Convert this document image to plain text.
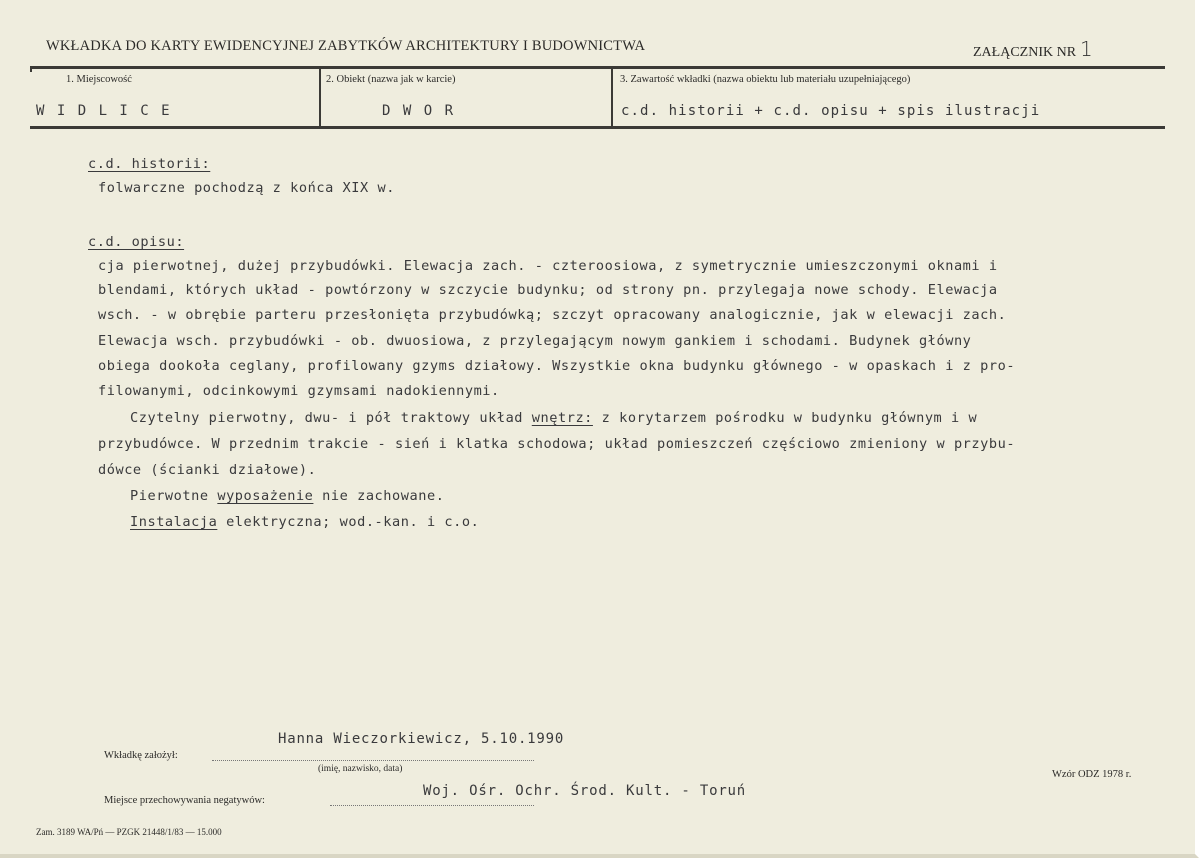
WKŁADKA DO KARTY EWIDENCYJNEJ ZABYTKÓW ARCHITEKTURY I BUDOWNICTWA	ZAŁĄCZNIK NR 1
1. Miejscowość	2. Obiekt (nazwa jak w karcie)	3. Zawartość wkładki (nazwa obiektu lub materiału uzupełniającego)
W I D L I C E	D W O R	c.d. historii + c.d. opisu + spis ilustracji
c.d. historii:
folwarczne pochodzą z końca XIX w.
c.d. opisu:
cja pierwotnej, dużej przybudówki. Elewacja zach. - czteroosiowa, z symetrycznie umieszczonymi oknami i
blendami, których układ - powtórzony w szczycie budynku; od strony pn. przylegaja nowe schody. Elewacja
wsch. - w obrębie parteru przesłonięta przybudówką; szczyt opracowany analogicznie, jak w elewacji zach.
Elewacja wsch. przybudówki - ob. dwuosiowa, z przylegającym nowym gankiem i schodami. Budynek główny
obiega dookoła ceglany, profilowany gzyms działowy. Wszystkie okna budynku głównego - w opaskach i z pro-
filowanymi, odcinkowymi gzymsami nadokiennymi.
Czytelny pierwotny, dwu- i pół traktowy układ wnętrz: z korytarzem pośrodku w budynku głównym i w
przybudówce. W przednim trakcie - sień i klatka schodowa; układ pomieszczeń częściowo zmieniony w przybu-
dówce (ścianki działowe).
Pierwotne wyposażenie nie zachowane.
Instalacja elektryczna; wod.-kan. i c.o.
Hanna Wieczorkiewicz, 5.10.1990
Wkładkę założył:
(imię, nazwisko, data)	Wzór ODZ 1978 r.
Woj. Ośr. Ochr. Środ. Kult. - Toruń
Miejsce przechowywania negatywów:
Zam. 3189 WA/Pń — PZGK 21448/1/83 — 15.000
